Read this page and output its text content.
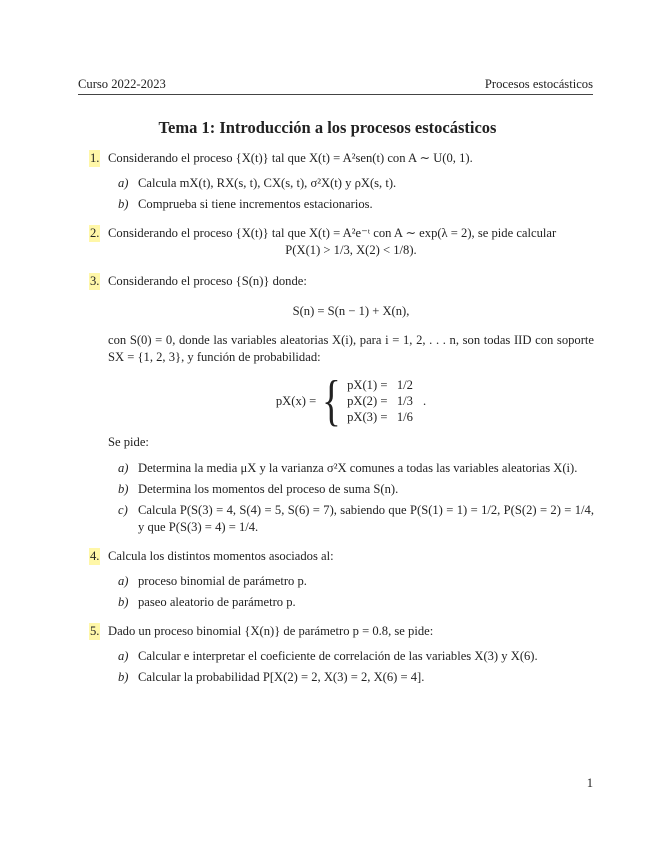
Curso 2022-2023	Procesos estocásticos
Tema 1: Introducción a los procesos estocásticos
1. Considerando el proceso {X(t)} tal que X(t) = A²sen(t) con A ∼ U(0, 1).
a) Calcula mX(t), RX(s, t), CX(s, t), σ²X(t) y ρX(s, t).
b) Comprueba si tiene incrementos estacionarios.
2. Considerando el proceso {X(t)} tal que X(t) = A²e⁻ᵗ con A ∼ exp(λ = 2), se pide calcular
P(X(1) > 1/3, X(2) < 1/8).
3. Considerando el proceso {S(n)} donde:
S(n) = S(n − 1) + X(n),
con S(0) = 0, donde las variables aleatorias X(i), para i = 1, 2, . . . n, son todas IID con soporte SX = {1, 2, 3}, y función de probabilidad:
pX(x) = { pX(1) =   1/2
pX(2) =   1/3
pX(3) =   1/6
.
Se pide:
a) Determina la media μX y la varianza σ²X comunes a todas las variables aleatorias X(i).
b) Determina los momentos del proceso de suma S(n).
c) Calcula P(S(3) = 4, S(4) = 5, S(6) = 7), sabiendo que P(S(1) = 1) = 1/2, P(S(2) = 2) = 1/4, y que P(S(3) = 4) = 1/4.
4. Calcula los distintos momentos asociados al:
a) proceso binomial de parámetro p.
b) paseo aleatorio de parámetro p.
5. Dado un proceso binomial {X(n)} de parámetro p = 0.8, se pide:
a) Calcular e interpretar el coeficiente de correlación de las variables X(3) y X(6).
b) Calcular la probabilidad P[X(2) = 2, X(3) = 2, X(6) = 4].
1
